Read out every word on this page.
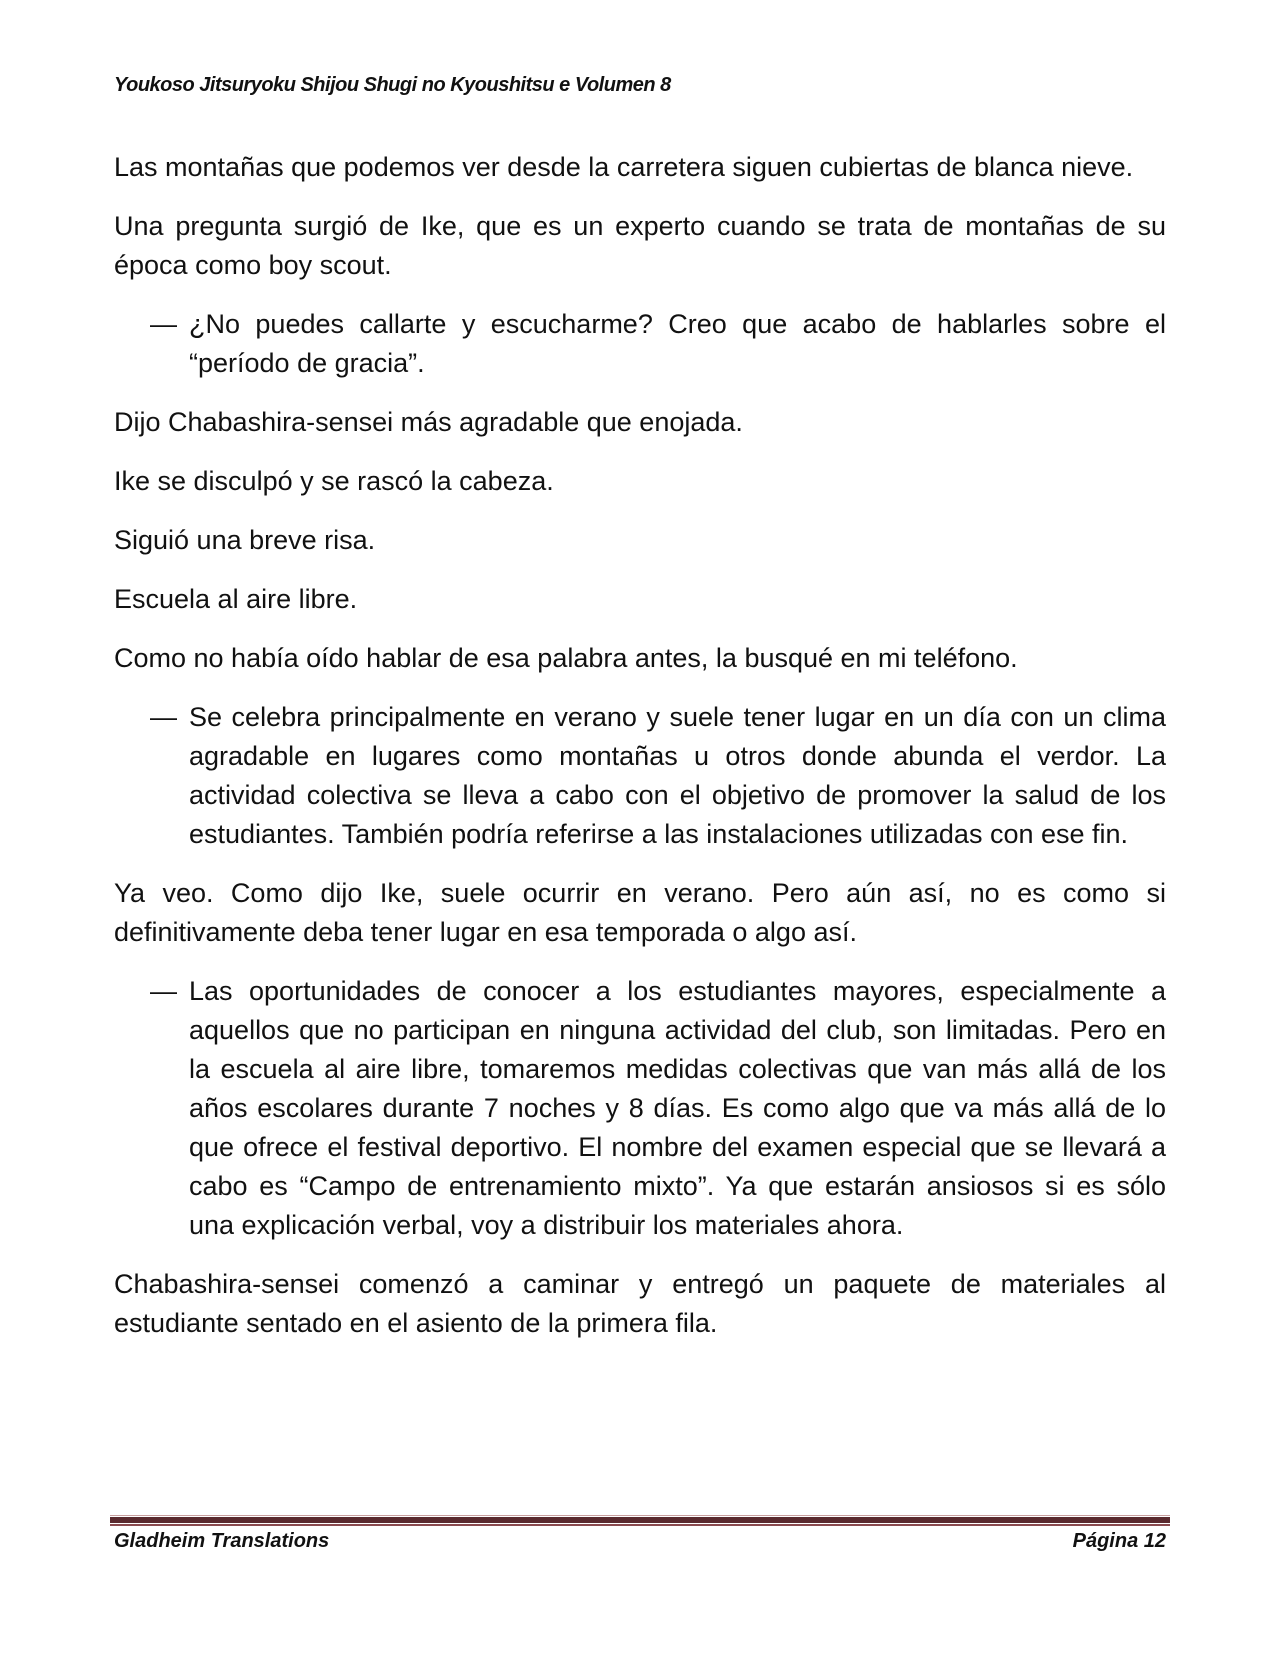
Youkoso Jitsuryoku Shijou Shugi no Kyoushitsu e Volumen 8

Las montañas que podemos ver desde la carretera siguen cubiertas de blanca nieve.

Una pregunta surgió de Ike, que es un experto cuando se trata de montañas de su época como boy scout.

— ¿No puedes callarte y escucharme? Creo que acabo de hablarles sobre el “período de gracia”.

Dijo Chabashira-sensei más agradable que enojada.

Ike se disculpó y se rascó la cabeza.

Siguió una breve risa.

Escuela al aire libre.

Como no había oído hablar de esa palabra antes, la busqué en mi teléfono.

— Se celebra principalmente en verano y suele tener lugar en un día con un clima agradable en lugares como montañas u otros donde abunda el verdor. La actividad colectiva se lleva a cabo con el objetivo de promover la salud de los estudiantes. También podría referirse a las instalaciones utilizadas con ese fin.

Ya veo. Como dijo Ike, suele ocurrir en verano. Pero aún así, no es como si definitivamente deba tener lugar en esa temporada o algo así.

— Las oportunidades de conocer a los estudiantes mayores, especialmente a aquellos que no participan en ninguna actividad del club, son limitadas. Pero en la escuela al aire libre, tomaremos medidas colectivas que van más allá de los años escolares durante 7 noches y 8 días. Es como algo que va más allá de lo que ofrece el festival deportivo. El nombre del examen especial que se llevará a cabo es “Campo de entrenamiento mixto”. Ya que estarán ansiosos si es sólo una explicación verbal, voy a distribuir los materiales ahora.

Chabashira-sensei comenzó a caminar y entregó un paquete de materiales al estudiante sentado en el asiento de la primera fila.

Gladheim Translations	Página 12
